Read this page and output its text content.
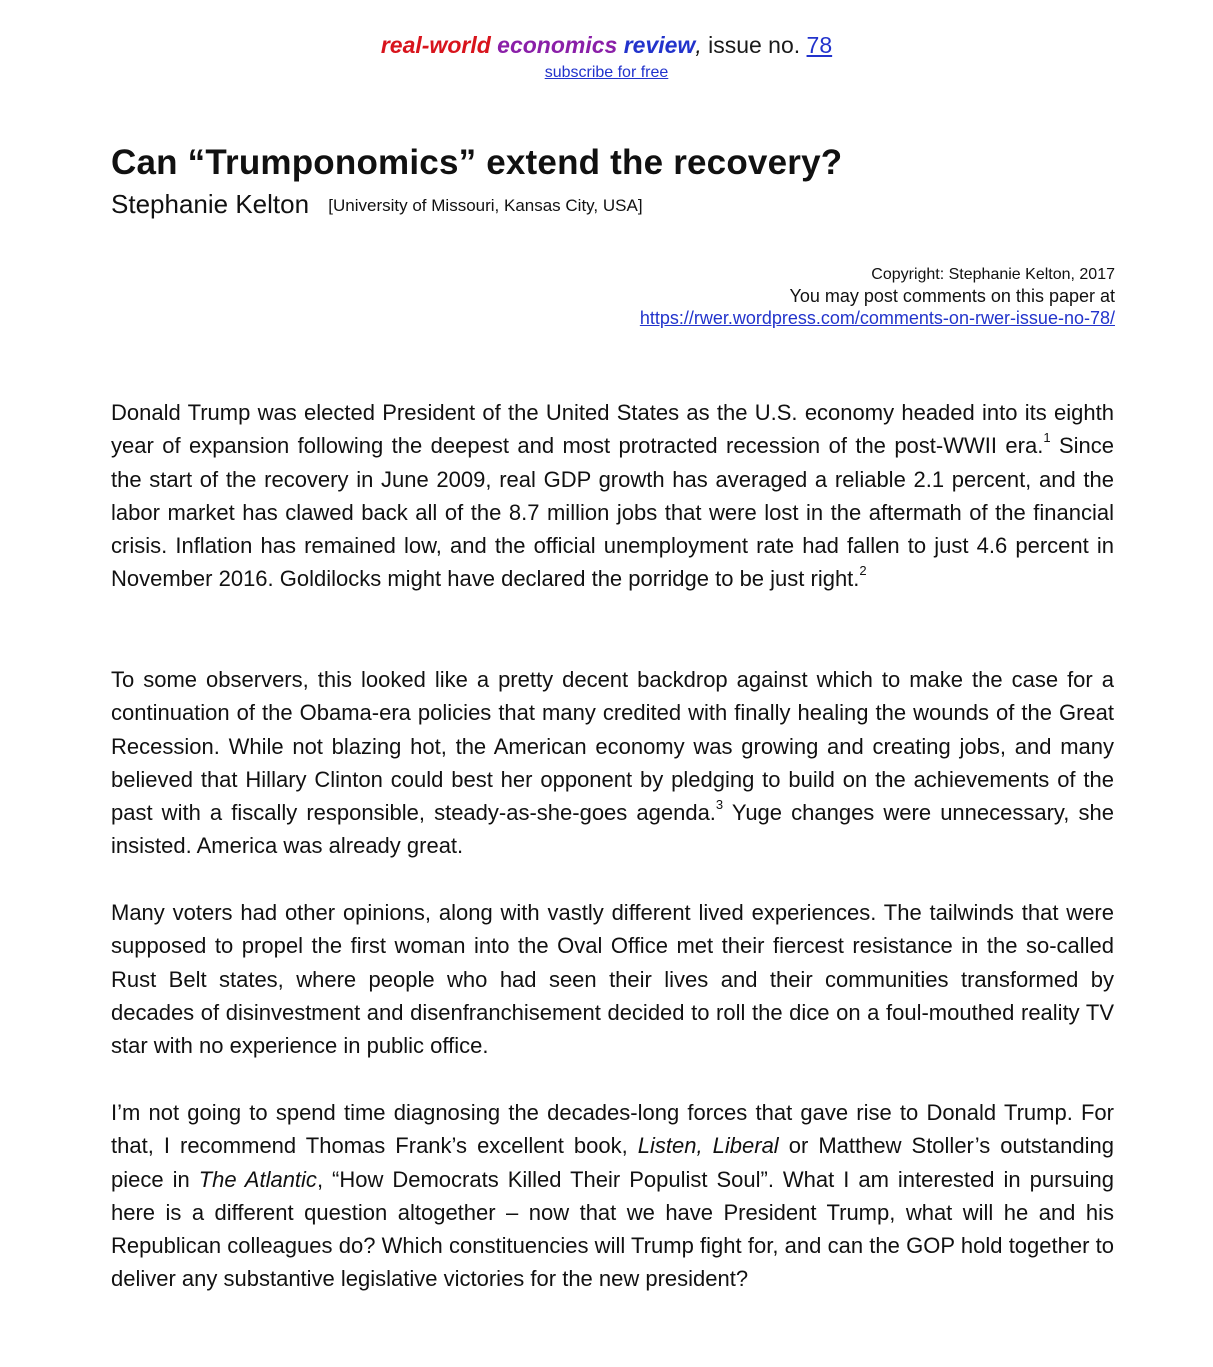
real-world economics review, issue no. 78
subscribe for free
Can “Trumponomics” extend the recovery?
Stephanie Kelton [University of Missouri, Kansas City, USA]
Copyright: Stephanie Kelton, 2017
You may post comments on this paper at
https://rwer.wordpress.com/comments-on-rwer-issue-no-78/

Donald Trump was elected President of the United States as the U.S. economy headed into its eighth year of expansion following the deepest and most protracted recession of the post-WWII era.$^1$ Since the start of the recovery in June 2009, real GDP growth has averaged a reliable 2.1 percent, and the labor market has clawed back all of the 8.7 million jobs that were lost in the aftermath of the financial crisis. Inflation has remained low, and the official unemployment rate had fallen to just 4.6 percent in November 2016. Goldilocks might have declared the porridge to be just right.$^2$

To some observers, this looked like a pretty decent backdrop against which to make the case for a continuation of the Obama-era policies that many credited with finally healing the wounds of the Great Recession. While not blazing hot, the American economy was growing and creating jobs, and many believed that Hillary Clinton could best her opponent by pledging to build on the achievements of the past with a fiscally responsible, steady-as-she-goes agenda.$^3$ Yuge changes were unnecessary, she insisted. America was already great.

Many voters had other opinions, along with vastly different lived experiences. The tailwinds that were supposed to propel the first woman into the Oval Office met their fiercest resistance in the so-called Rust Belt states, where people who had seen their lives and their communities transformed by decades of disinvestment and disenfranchisement decided to roll the dice on a foul-mouthed reality TV star with no experience in public office.

I’m not going to spend time diagnosing the decades-long forces that gave rise to Donald Trump. For that, I recommend Thomas Frank’s excellent book, Listen, Liberal or Matthew Stoller’s outstanding piece in The Atlantic, “How Democrats Killed Their Populist Soul”. What I am interested in pursuing here is a different question altogether – now that we have President Trump, what will he and his Republican colleagues do? Which constituencies will Trump fight for, and can the GOP hold together to deliver any substantive legislative victories for the new president?
